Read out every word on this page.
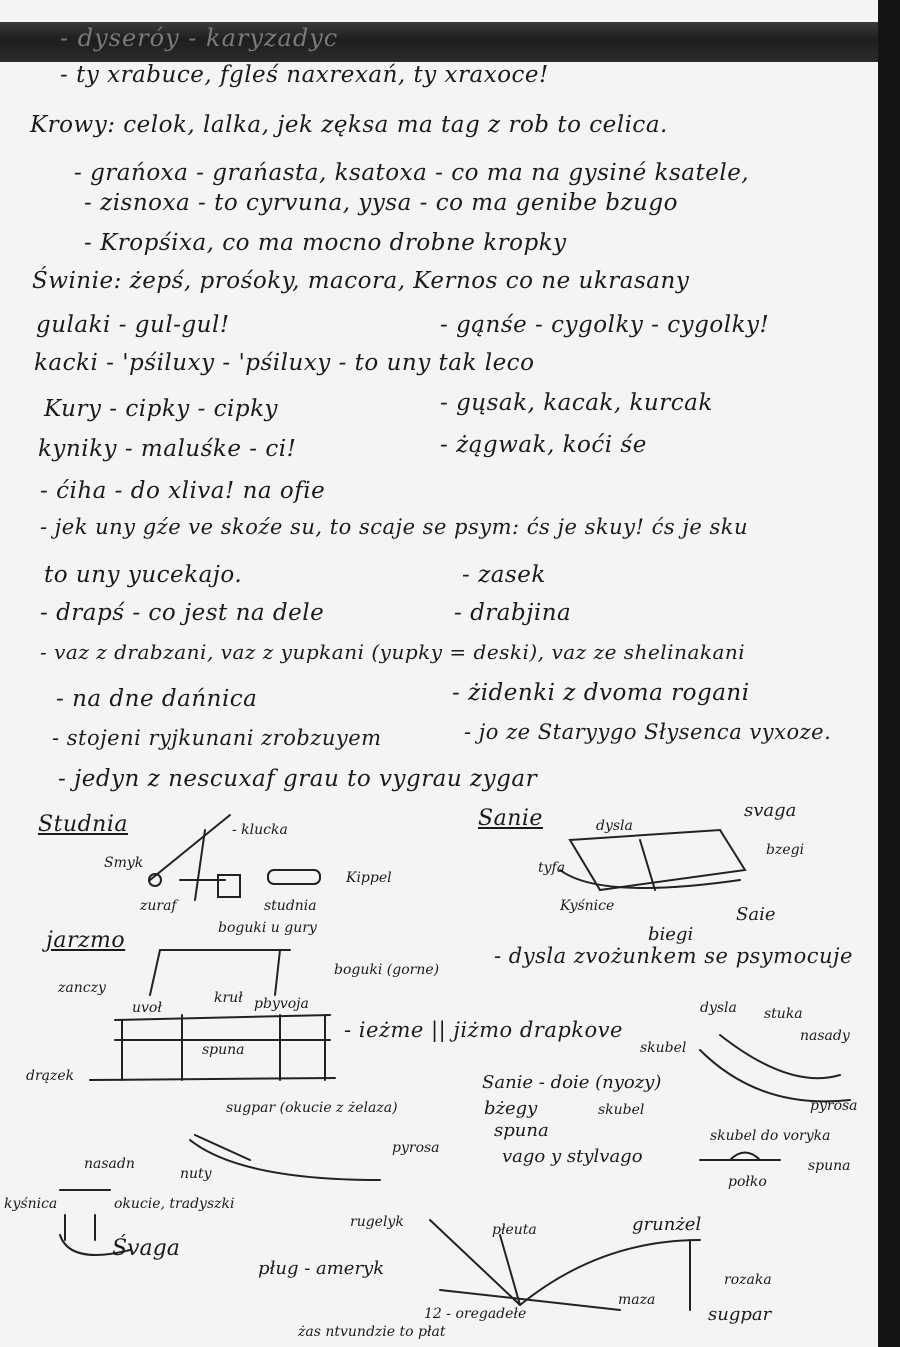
- dyseróy - karyzadyc
- ty xrabuce, fgleś naxrexań, ty xraxoce!
Krowy: celok, lalka, jek zęksa ma tag z rob to celica.
- grańoxa - grańasta, ksatoxa - co ma na gysiné ksatele,
- zisnoxa - to cyrvuna, yysa - co ma genibe bzugo
- Kropśixa, co ma mocno drobne kropky
Świnie: żepś, prośoky, macora, Kernos co ne ukrasany
gulaki - gul-gul!	- gąnśe - cygolky - cygolky!
kacki - 'pśiluxy - 'pśiluxy - to uny tak leco
Kury - cipky - cipky	- gųsak, kacak, kurcak
kyniky - maluśke - ci!	- żągwak, koći śe
- ćiha - do xliva! na ofie
- jek uny gźe ve skoźe su, to scaje se psym: ćs je skuy! ćs je sku
to uny yucekajo.	- zasek
- drapś - co jest na dele	- drabjina
- vaz z drabzani, vaz z yupkani (yupky = deski), vaz ze shelinakani
- na dne dańnica	- żidenki z dvoma rogani
- stojeni ryjkunani zrobzuyem	- jo ze Staryygo Słysenca vyxoze.
- jedyn z nescuxaf grau to vygrau zygar
Studnia	Sanie
jarzmo
- klucka
Smyk
zuraf	studnia
Kippel
dysla
svaga
bzegi
tyfa
Kyśnice
biegi
Saie
boguki u gury
zanczy
uvoł
kruł pbyvoja
boguki (gorne)
spuna
drązek
- dysla zvożunkem se psymocuje
- ieżme || jiżmo drapkove
skubel
dysla stuka
nasady
pyrosa
Sanie - doie (nyozy)
bżegy
spuna
vago y stylvago
skubel
sugpar (okucie z żelaza)
nuty
pyrosa
skubel do voryka
spuna
połko
kyśnica
nasadn
okucie, tradyszki
Śvaga
pług - ameryk
rugelyk	płeuta	grunżel
sugpar
rozaka
maza
12 - oregadełe
żas ntvundzie to płat
